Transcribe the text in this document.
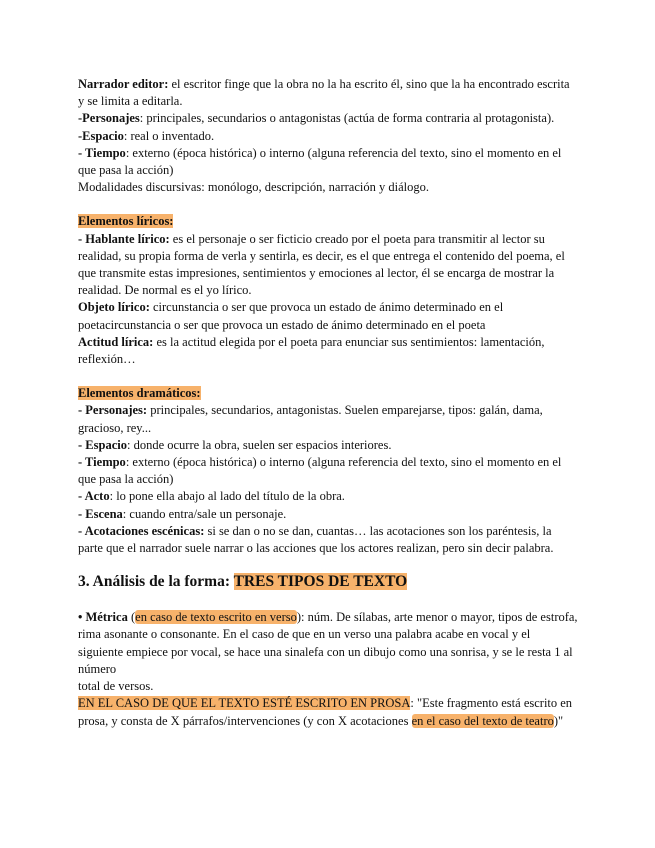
Narrador editor: el escritor finge que la obra no la ha escrito él, sino que la ha encontrado escrita y se limita a editarla.

-Personajes: principales, secundarios o antagonistas (actúa de forma contraria al protagonista).

-Espacio: real o inventado.

- Tiempo: externo (época histórica) o interno (alguna referencia del texto, sino el momento en el que pasa la acción)

Modalidades discursivas: monólogo, descripción, narración y diálogo.

Elementos líricos:

- Hablante lírico: es el personaje o ser ficticio creado por el poeta para transmitir al lector su realidad, su propia forma de verla y sentirla, es decir, es el que entrega el contenido del poema, el que transmite estas impresiones, sentimientos y emociones al lector, él se encarga de mostrar la realidad. De normal es el yo lírico.

Objeto lírico: circunstancia o ser que provoca un estado de ánimo determinado en el poetacircunstancia o ser que provoca un estado de ánimo determinado en el poeta

Actitud lírica: es la actitud elegida por el poeta para enunciar sus sentimientos: lamentación, reflexión…

Elementos dramáticos:

- Personajes: principales, secundarios, antagonistas. Suelen emparejarse, tipos: galán, dama, gracioso, rey...

- Espacio: donde ocurre la obra, suelen ser espacios interiores.

- Tiempo: externo (época histórica) o interno (alguna referencia del texto, sino el momento en el que pasa la acción)

- Acto: lo pone ella abajo al lado del título de la obra.

- Escena: cuando entra/sale un personaje.

- Acotaciones escénicas: si se dan o no se dan, cuantas… las acotaciones son los paréntesis, la parte que el narrador suele narrar o las acciones que los actores realizan, pero sin decir palabra.

3. Análisis de la forma: TRES TIPOS DE TEXTO

• Métrica (en caso de texto escrito en verso): núm. De sílabas, arte menor o mayor, tipos de estrofa, rima asonante o consonante. En el caso de que en un verso una palabra acabe en vocal y el siguiente empiece por vocal, se hace una sinalefa con un dibujo como una sonrisa, y se le resta 1 al número

total de versos.

EN EL CASO DE QUE EL TEXTO ESTÉ ESCRITO EN PROSA: "Este fragmento está escrito en prosa, y consta de X párrafos/intervenciones (y con X acotaciones en el caso del texto de teatro)"
